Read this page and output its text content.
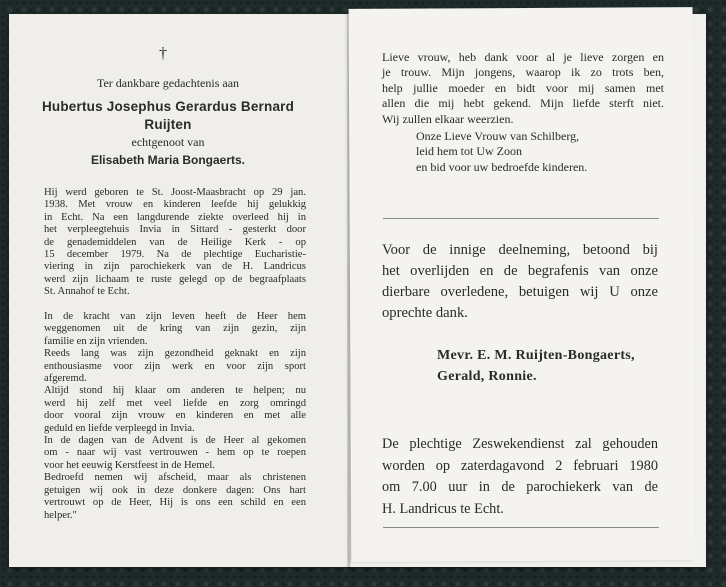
†
Ter dankbare gedachtenis aan
Hubertus Josephus Gerardus Bernard
Ruijten
echtgenoot van
Elisabeth Maria Bongaerts.
Hij werd geboren te St. Joost-Maasbracht op 29 jan.
1938. Met vrouw en kinderen leefde hij gelukkig
in Echt. Na een langdurende ziekte overleed hij in
het verpleegtehuis Invia in Sittard - gesterkt door
de genademiddelen van de Heilige Kerk - op
15 december 1979. Na de plechtige Eucharistie-
viering in zijn parochiekerk van de H. Landricus
werd zijn lichaam te ruste gelegd op de begraafplaats
St. Annahof te Echt.
In de kracht van zijn leven heeft de Heer hem
weggenomen uit de kring van zijn gezin, zijn
familie en zijn vrienden.
Reeds lang was zijn gezondheid geknakt en zijn
enthousiasme voor zijn werk en voor zijn sport
afgeremd.
Altijd stond hij klaar om anderen te helpen; nu
werd hij zelf met veel liefde en zorg omringd
door vooral zijn vrouw en kinderen en met alle
geduld en liefde verpleegd in Invia.
In de dagen van de Advent is de Heer al gekomen
om - naar wij vast vertrouwen - hem op te roepen
voor het eeuwig Kerstfeest in de Hemel.
Bedroefd nemen wij afscheid, maar als christenen
getuigen wij ook in deze donkere dagen: Ons hart
vertrouwt op de Heer, Hij is ons een schild en een
helper."
Lieve vrouw, heb dank voor al je lieve zorgen en
je trouw. Mijn jongens, waarop ik zo trots ben,
help jullie moeder en bidt voor mij samen met
allen die mij hebt gekend. Mijn liefde sterft niet.
Wij zullen elkaar weerzien.
Onze Lieve Vrouw van Schilberg,
leid hem tot Uw Zoon
en bid voor uw bedroefde kinderen.
Voor de innige deelneming, betoond bij
het overlijden en de begrafenis van onze
dierbare overledene, betuigen wij U onze
oprechte dank.
Mevr. E. M. Ruijten-Bongaerts,
Gerald, Ronnie.
De plechtige Zeswekendienst zal gehouden
worden op zaterdagavond 2 februari 1980
om 7.00 uur in de parochiekerk van de
H. Landricus te Echt.
